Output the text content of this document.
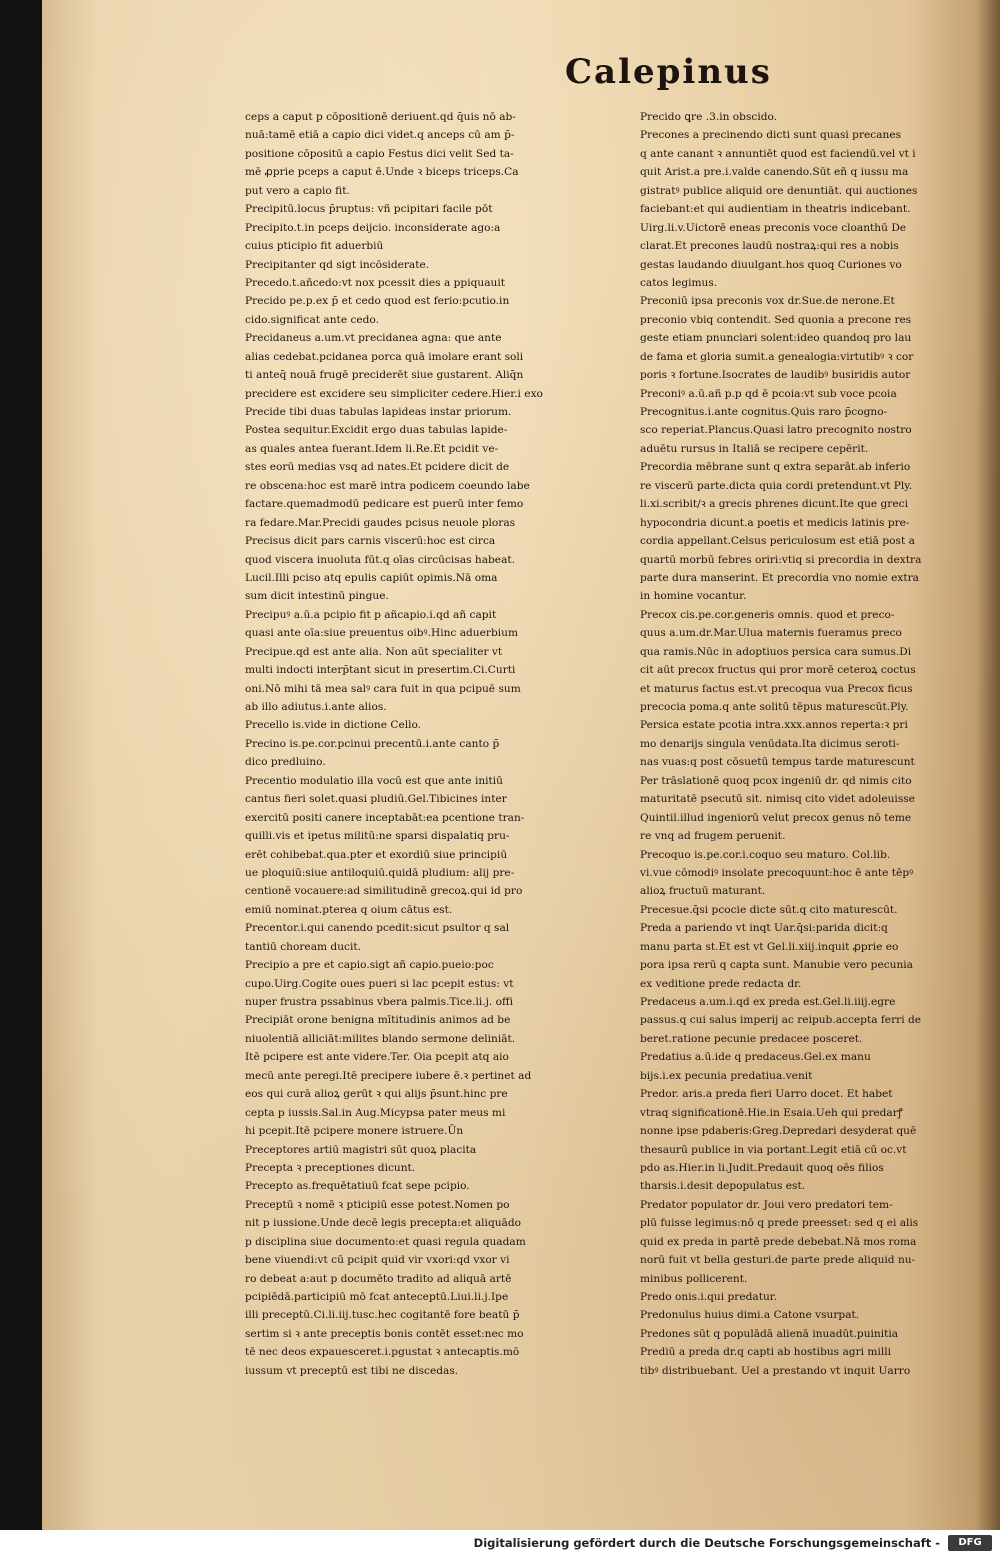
Calepinus
ceps a caput p cōpositionē deriuent.qd q̄uis nō ab-
nuā:tamē etiā a capio dici videt.q anceps cū am p̄-
positione cōpositū a capio Festus dici velit Sed ta-
mē ꝓprie pceps a caput ē.Unde ꝛ biceps triceps.Ca
put vero a capio fit.
Precipitū.locus p̄ruptus: vñ pcipitari facile pōt
Precipito.t.in pceps deijcio. inconsiderate ago:a
cuius pticipio fit aduerbiū
Precipitanter qd sigt incōsiderate.
Precedo.t.añcedo:vt nox pcessit dies a ppiquauit
Precido pe.p.ex p̄ et cedo quod est ferio:pcutio.in
cido.significat ante cedo.
Precidaneus a.um.vt precidanea agna: que ante
alias cedebat.pcidanea porca quā imolare erant soli
ti anteq̄ nouā frugē preciderēt siue gustarent. Aliq̄n
precidere est excidere seu simpliciter cedere.Hier.i exo
Precide tibi duas tabulas lapideas instar priorum.
Postea sequitur.Excidit ergo duas tabulas lapide-
as quales antea fuerant.Idem li.Re.Et pcidit ve-
stes eorū medias vsq ad nates.Et pcidere dicit de
re obscena:hoc est marē intra podicem coeundo labe
factare.quemadmodū pedicare est puerū inter femo
ra fedare.Mar.Precidi gaudes pcisus neuole ploras
Precisus dicit pars carnis viscerū:hoc est circa
quod viscera inuoluta fūt.q oīas circūcisas habeat.
Lucil.Illi pciso atq epulis capiūt opimis.Nā oma
sum dicit intestinū pingue.
Precipuꝰ a.ū.a pcipio fit p añcapio.i.qd añ capit
quasi ante oīa:siue preuentus oibꝰ.Hinc aduerbium
Precipue.qd est ante alia. Non aūt specialiter vt
multi indocti interp̄tant sicut in presertim.Ci.Curti
oni.Nō mihi tā mea salꝰ cara fuit in qua pcipuē sum
ab illo adiutus.i.ante alios.
Precello is.vide in dictione Cello.
Precino is.pe.cor.pcinui precentū.i.ante canto p̄
dico predluino.
Precentio modulatio illa vocū est que ante initiū
cantus fieri solet.quasi pludiū.Gel.Tibicines inter
exercitū positi canere inceptabāt:ea pcentione tran-
quilli.vis et ipetus militū:ne sparsi dispalatiq pru-
erēt cohibebat.qua.pter et exordiū siue principiū
ue ploquiū:siue antiloquiū.quidā pludium: alij pre-
centionē vocauere:ad similitudinē grecoꝝ.qui id pro
emiū nominat.pterea q oium cātus est.
Precentor.i.qui canendo pcedit:sicut psultor q sal
tantiū choream ducit.
Precipio a pre et capio.sigt añ capio.pueio:poc
cupo.Uirg.Cogite oues pueri si lac pcepit estus: vt
nuper frustra pssabinus vbera palmis.Tice.li.j. offi
Precipiāt orone benigna mītitudinis animos ad be
niuolentiā alliciāt:milites blando sermone deliniāt.
Itē pcipere est ante videre.Ter. Oia pcepit atq aio
mecū ante peregi.Itē precipere iubere ē.ꝛ pertinet ad
eos qui curā alioꝝ gerūt ꝛ qui alijs p̄sunt.hinc pre
cepta p iussis.Sal.in Aug.Micypsa pater meus mi
hi pcepit.Itē pcipere monere istruere.Ūn
Preceptores artiū magistri sūt quoꝝ placita
Precepta ꝛ preceptiones dicunt.
Precepto as.frequētatiuū fcat sepe pcipio.
Preceptū ꝛ nomē ꝛ pticipiū esse potest.Nomen po
nit p iussione.Unde decē legis precepta:et aliquādo
p disciplina siue documento:et quasi regula quadam
bene viuendi:vt cū pcipit quid vir vxori:qd vxor vi
ro debeat a:aut p documēto tradito ad aliquā artē
pcipiēdā.participiū mō fcat anteceptū.Liui.li.j.Ipe
illi preceptū.Ci.li.iij.tusc.hec cogitantē fore beatū p̄
sertim si ꝛ ante preceptis bonis contēt esset:nec mo
tē nec deos expauesceret.i.pgustat ꝛ antecaptis.mō
iussum vt preceptū est tibi ne discedas.
Precido ꝗre .3.in obscido.
Precones a precinendo dicti sunt quasi precanes
q ante canant ꝛ annuntiēt quod est faciendū.vel vt i
quit Arist.a pre.i.valde canendo.Sūt eñ q iussu ma
gistratꝰ publice aliquid ore denuntiāt. qui auctiones
faciebant:et qui audientiam in theatris indicebant.
Uirg.li.v.Uictorē eneas preconis voce cloanthū De
clarat.Et precones laudū nostraꝝ:qui res a nobis
gestas laudando diuulgant.hos quoq Curiones vo
catos legimus.
Preconiū ipsa preconis vox dr.Sue.de nerone.Et
preconio vbiq contendit. Sed quonia a precone res
geste etiam pnunciari solent:ideo quandoq pro lau
de fama et gloria sumit.a genealogia:virtutibꝰ ꝛ cor
poris ꝛ fortune.Isocrates de laudibꝰ busiridis autor
Preconiꝰ a.ū.añ p.p qd ē pcoia:vt sub voce pcoia
Precognitus.i.ante cognitus.Quis raro p̄cogno-
sco reperiat.Plancus.Quasi latro precognito nostro
aduētu rursus in Italiā se recipere cepērit.
Precordia mēbrane sunt q extra separāt.ab inferio
re viscerū parte.dicta quia cordi pretendunt.vt Ply.
li.xi.scribit/ꝛ a grecis phrenes dicunt.Ite que greci
hypocondria dicunt.a poetis et medicis latinis pre-
cordia appellant.Celsus periculosum est etiā post a
quartū morbū febres oriri:vtiq si precordia in dextra
parte dura manserint. Et precordia vno nomie extra
in homine vocantur.
Precox cis.pe.cor.generis omnis. quod et preco-
quus a.um.dr.Mar.Ulua maternis fueramus preco
qua ramis.Nūc in adoptiuos persica cara sumus.Di
cit aūt precox fructus qui pror morē ceteroꝝ coctus
et maturus factus est.vt precoqua vua Precox ficus
precocia poma.q ante solitū tēpus maturescūt.Ply.
Persica estate pcotia intra.xxx.annos reperta:ꝛ pri
mo denarijs singula venūdata.Ita dicimus seroti-
nas vuas:q post cōsuetū tempus tarde maturescunt
Per trāslationē quoq pcox ingeniū dr. qd nimis cito
maturitatē psecutū sit. nimisq cito videt adoleuisse
Quintil.illud ingeniorū velut precox genus nō teme
re vnq ad frugem peruenit.
Precoquo is.pe.cor.i.coquo seu maturo. Col.lib.
vi.vue cōmodiꝰ insolate precoquunt:hoc ē ante tēpꝰ
alioꝝ fructuū maturant.
Precesue.q̄si pcocie dicte sūt.q cito maturescūt.
Preda a pariendo vt inqt Uar.q̄si:parida dicit:q
manu parta st.Et est vt Gel.li.xiij.inquit ꝓprie eo
pora ipsa rerū q capta sunt. Manubie vero pecunia
ex veditione prede redacta dr.
Predaceus a.um.i.qd ex preda est.Gel.li.iiij.egre
passus.q cui salus imperij ac reipub.accepta ferri de
beret.ratione pecunie predacee posceret.
Predatius a.ū.ide q predaceus.Gel.ex manu
bijs.i.ex pecunia predatiua.venit
Predor. aris.a preda fieri Uarro docet. Et habet
vtraq significationē.Hie.in Esaia.Ueh qui predarꝭ
nonne ipse pdaberis:Greg.Depredari desyderat quē
thesaurū publice in via portant.Legit etiā cū oc.vt
pdo as.Hier.in li.Judit.Predauit quoq oēs filios
tharsis.i.desit depopulatus est.
Predator populator dr. Joui vero predatori tem-
plū fuisse legimus:nō q prede preesset: sed q ei alis
quid ex preda in partē prede debebat.Nā mos roma
norū fuit vt bella gesturi.de parte prede aliquid nu-
minibus pollicerent.
Predo onis.i.qui predatur.
Predonulus huius dimi.a Catone vsurpat.
Predones sūt q populādā alienā inuadūt.puinitia
Prediū a preda dr.q capti ab hostibus agri milli
tibꝰ distribuebant. Uel a prestando vt inquit Uarro
Digitalisierung gefördert durch die Deutsche Forschungsgemeinschaft -	DFG
